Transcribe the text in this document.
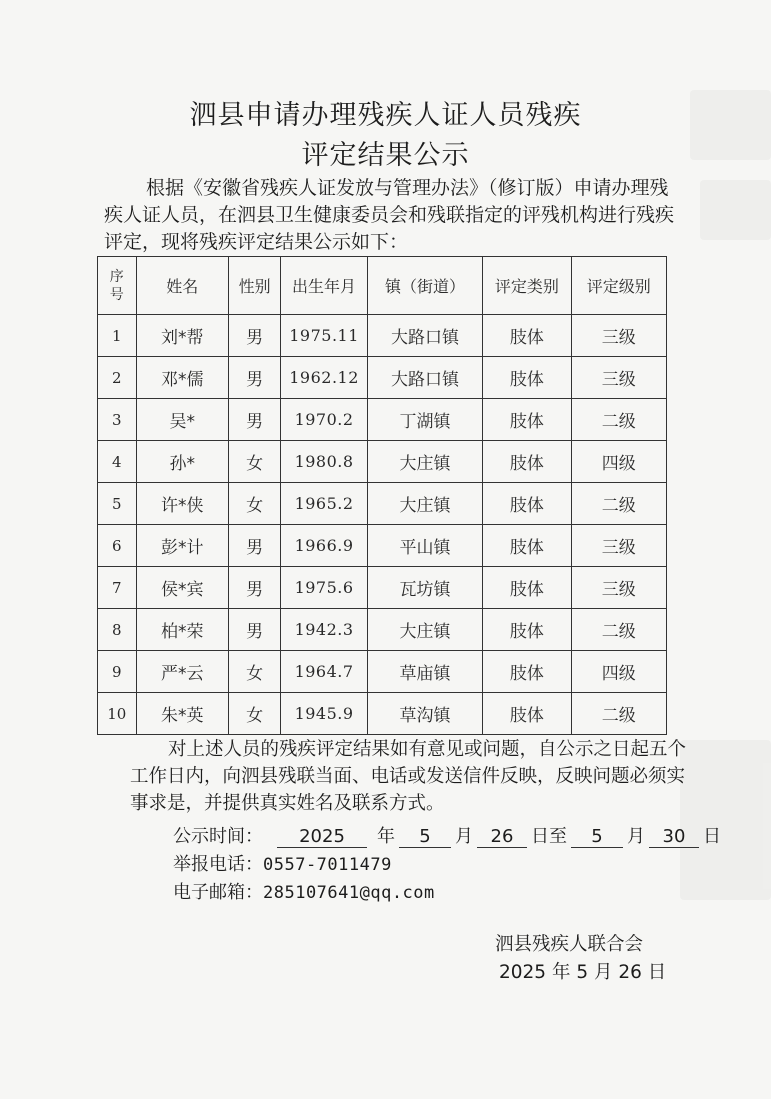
泗县申请办理残疾人证人员残疾
评定结果公示
根据《安徽省残疾人证发放与管理办法》（修订版）申请办理残疾人证人员，在泗县卫生健康委员会和残联指定的评残机构进行残疾评定，现将残疾评定结果公示如下：
序号	姓名	性别	出生年月	镇（街道）	评定类别	评定级别
1	刘*帮	男	1975.11	大路口镇	肢体	三级
2	邓*儒	男	1962.12	大路口镇	肢体	三级
3	吴*	男	1970.2	丁湖镇	肢体	二级
4	孙*	女	1980.8	大庄镇	肢体	四级
5	许*侠	女	1965.2	大庄镇	肢体	二级
6	彭*计	男	1966.9	平山镇	肢体	三级
7	侯*宾	男	1975.6	瓦坊镇	肢体	三级
8	柏*荣	男	1942.3	大庄镇	肢体	二级
9	严*云	女	1964.7	草庙镇	肢体	四级
10	朱*英	女	1945.9	草沟镇	肢体	二级
对上述人员的残疾评定结果如有意见或问题，自公示之日起五个工作日内，向泗县残联当面、电话或发送信件反映，反映问题必须实事求是，并提供真实姓名及联系方式。
公示时间： 2025 年 5 月 26 日至 5 月 30 日
举报电话：0557-7011479
电子邮箱：285107641@qq.com
泗县残疾人联合会
2025 年 5 月 26 日
